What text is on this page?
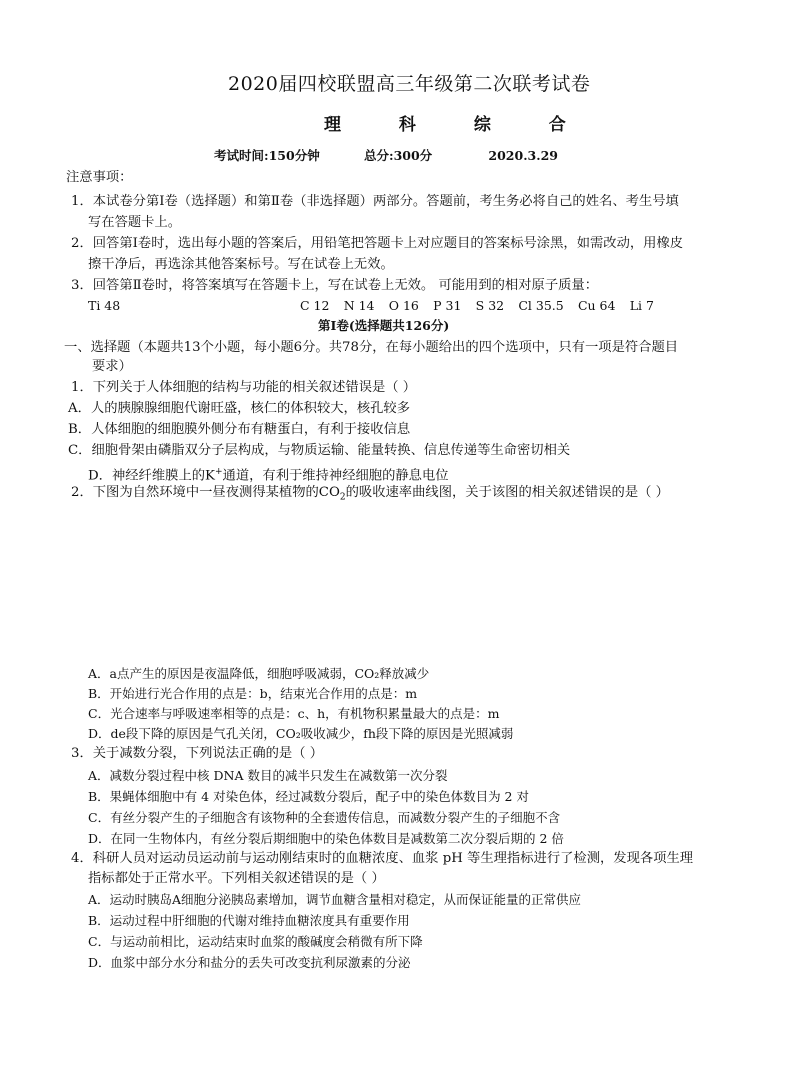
2020届四校联盟高三年级第二次联考试卷
理 科 综 合
考试时间:150分钟	总分:300分	2020.3.29
注意事项：
1．本试卷分第Ⅰ卷（选择题）和第Ⅱ卷（非选择题）两部分。答题前，考生务必将自己的姓名、考生号填
写在答题卡上。
2．回答第Ⅰ卷时，选出每小题的答案后，用铅笔把答题卡上对应题目的答案标号涂黑，如需改动，用橡皮
擦干净后，再选涂其他答案标号。写在试卷上无效。
3．回答第Ⅱ卷时，将答案填写在答题卡上，写在试卷上无效。 可能用到的相对原子质量：
Ti 48	C 12 N 14 O 16 P 31 S 32 Cl 35.5 Cu 64 Li 7
第Ⅰ卷(选择题共126分)
一、选择题（本题共13个小题，每小题6分。共78分，在每小题给出的四个选项中，只有一项是符合题目
要求）
1．下列关于人体细胞的结构与功能的相关叙述错误是（ ）
A．人的胰腺腺细胞代谢旺盛，核仁的体积较大，核孔较多
B．人体细胞的细胞膜外侧分布有糖蛋白，有利于接收信息
C．细胞骨架由磷脂双分子层构成，与物质运输、能量转换、信息传递等生命密切相关
D．神经纤维膜上的K+通道，有利于维持神经细胞的静息电位
2．下图为自然环境中一昼夜测得某植物的$CO_2$的吸收速率曲线图，关于该图的相关叙述错误的是（ ）
A．a点产生的原因是夜温降低，细胞呼吸减弱，CO₂释放减少
B．开始进行光合作用的点是：b，结束光合作用的点是：m
C．光合速率与呼吸速率相等的点是：c、h，有机物积累量最大的点是：m
D．de段下降的原因是气孔关闭，CO₂吸收减少，fh段下降的原因是光照减弱
3．关于减数分裂，下列说法正确的是（ ）
A．减数分裂过程中核 DNA 数目的减半只发生在减数第一次分裂
B．果蝇体细胞中有 4 对染色体，经过减数分裂后，配子中的染色体数目为 2 对
C．有丝分裂产生的子细胞含有该物种的全套遗传信息，而减数分裂产生的子细胞不含
D．在同一生物体内，有丝分裂后期细胞中的染色体数目是减数第二次分裂后期的 2 倍
4．科研人员对运动员运动前与运动刚结束时的血糖浓度、血浆 pH 等生理指标进行了检测，发现各项生理
指标都处于正常水平。下列相关叙述错误的是（ ）
A．运动时胰岛A细胞分泌胰岛素增加，调节血糖含量相对稳定，从而保证能量的正常供应
B．运动过程中肝细胞的代谢对维持血糖浓度具有重要作用
C．与运动前相比，运动结束时血浆的酸碱度会稍微有所下降
D．血浆中部分水分和盐分的丢失可改变抗利尿激素的分泌
